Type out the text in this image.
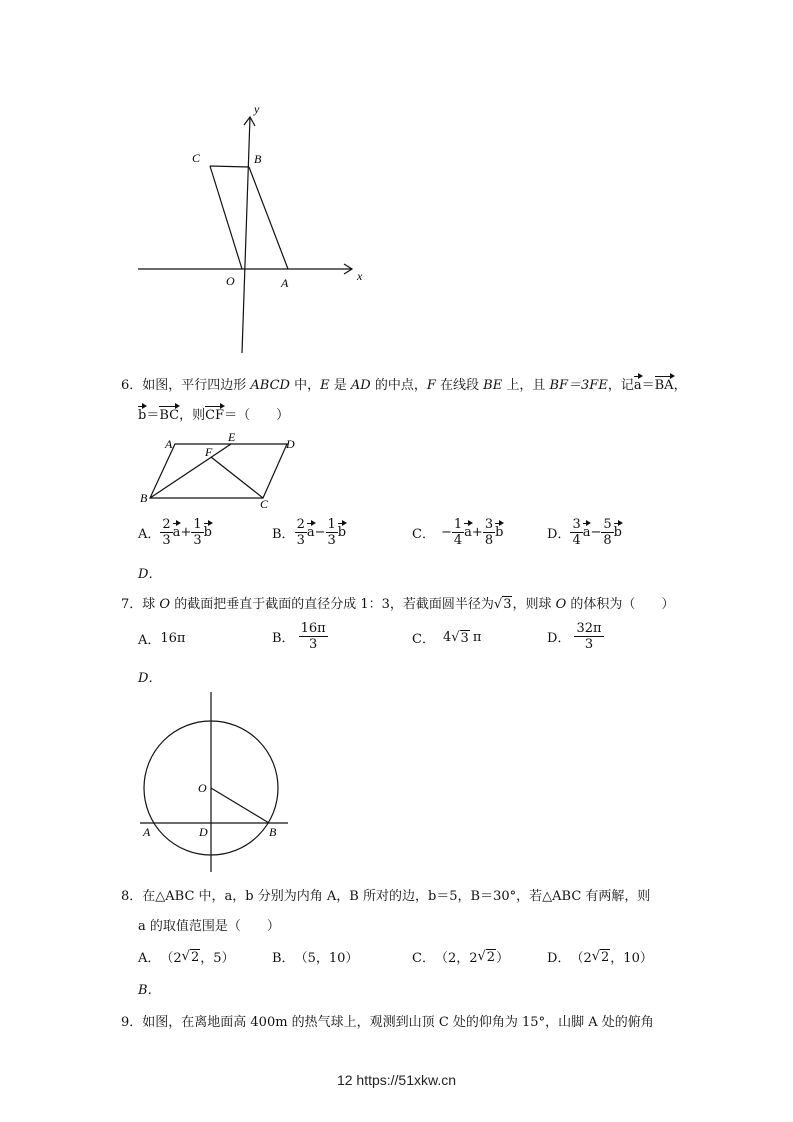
y
x
C	B
O	A
6．如图，平行四边形 ABCD 中，E 是 AD 的中点，F 在线段 BE 上，且 BF＝3FE，记a＝BA，
b＝BC，则CF＝（　　）
A	E	D
F
B	C
A． $\frac{2}{3}$ $a + \frac{1}{3}$ b	B． $\frac{2}{3}$ $a - \frac{1}{3}$ b	C． − $\frac{1}{4}$ $a + \frac{3}{8}$ b	D． $\frac{3}{4}$ $a - \frac{5}{8}$ b
D．
7．球 O 的截面把垂直于截面的直径分成 1：3，若截面圆半径为√3，则球 O 的体积为（　　）
A． 16π	B． $\frac{16\pi}{3}$	C． 4 √ 3 π	D． $\frac{32\pi}{3}$
D．
O
A	D	B
8．在△ABC 中，a，b 分别为内角 A，B 所对的边，b＝5，B＝30°，若△ABC 有两解，则
a 的取值范围是（　　）
A． （2 √ 2 ，5）	B． （5，10）	C． （2，2 √ 2 ）	D． （2 √ 2 ，10）
B．
9．如图，在离地面高 400m 的热气球上，观测到山顶 C 处的仰角为 15°，山脚 A 处的俯角
12 https://51xkw.cn
